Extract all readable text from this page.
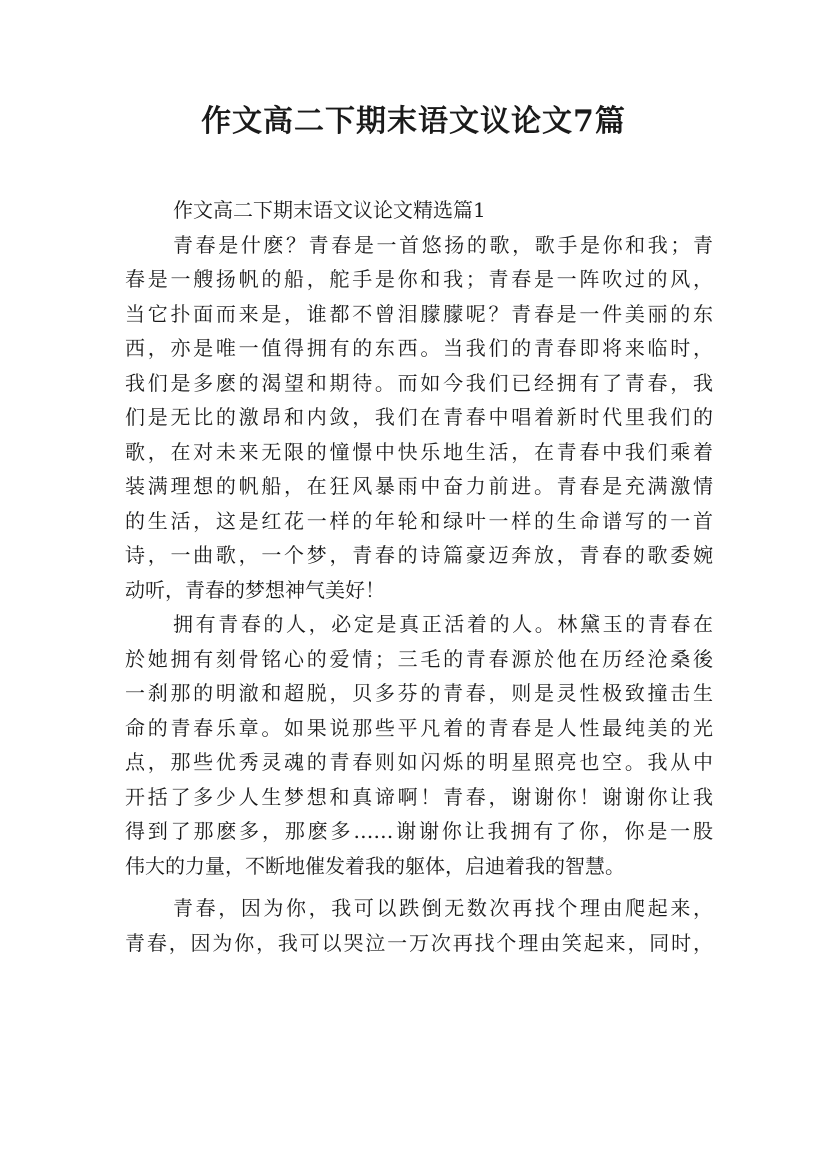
作文高二下期末语文议论文7篇

作文高二下期末语文议论文精选篇1

青春是什麽？青春是一首悠扬的歌，歌手是你和我；青
春是一艘扬帆的船，舵手是你和我；青春是一阵吹过的风，
当它扑面而来是，谁都不曾泪朦朦呢？青春是一件美丽的东
西，亦是唯一值得拥有的东西。当我们的青春即将来临时，
我们是多麽的渴望和期待。而如今我们已经拥有了青春，我
们是无比的激昂和内敛，我们在青春中唱着新时代里我们的
歌，在对未来无限的憧憬中快乐地生活，在青春中我们乘着
装满理想的帆船，在狂风暴雨中奋力前进。青春是充满激情
的生活，这是红花一样的年轮和绿叶一样的生命谱写的一首
诗，一曲歌，一个梦，青春的诗篇豪迈奔放，青春的歌委婉
动听，青春的梦想神气美好！

拥有青春的人，必定是真正活着的人。林黛玉的青春在
於她拥有刻骨铭心的爱情；三毛的青春源於他在历经沧桑後
一刹那的明澈和超脱，贝多芬的青春，则是灵性极致撞击生
命的青春乐章。如果说那些平凡着的青春是人性最纯美的光
点，那些优秀灵魂的青春则如闪烁的明星照亮也空。我从中
开括了多少人生梦想和真谛啊！青春，谢谢你！谢谢你让我
得到了那麽多，那麽多……谢谢你让我拥有了你，你是一股
伟大的力量，不断地催发着我的躯体，启迪着我的智慧。

青春，因为你，我可以跌倒无数次再找个理由爬起来，
青春，因为你，我可以哭泣一万次再找个理由笑起来，同时，
